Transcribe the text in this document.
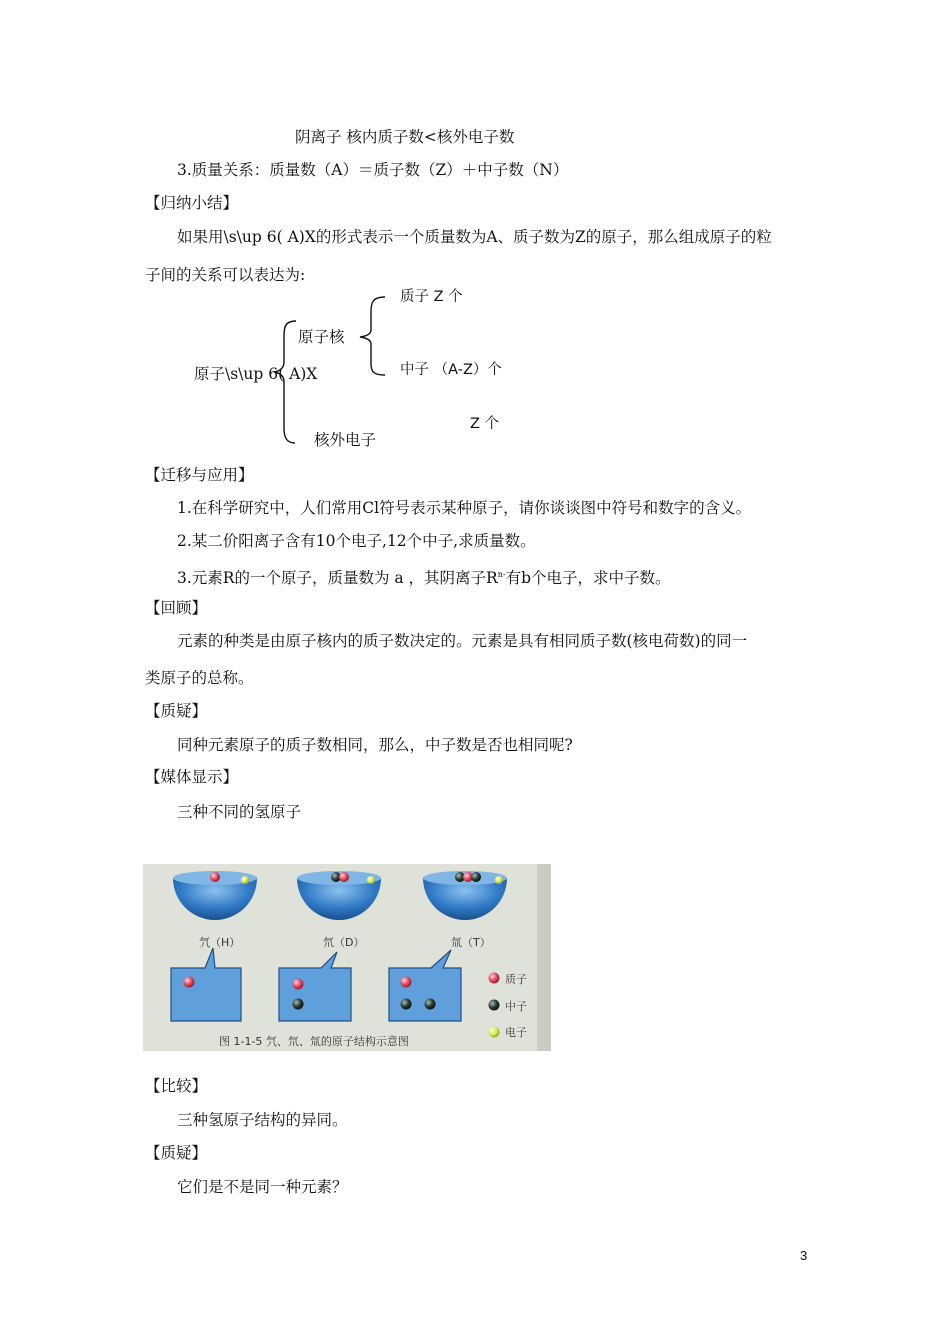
阴离子 核内质子数<核外电子数
3.质量关系：质量数（A）＝质子数（Z）＋中子数（N）
【归纳小结】
如果用\s\up 6( A)X的形式表示一个质量数为A、质子数为Z的原子，那么组成原子的粒
子间的关系可以表达为:
原子\s\up 6( A)X
原子核
质子 Z 个
中子 （A-Z）个
核外电子
Z 个
【迁移与应用】
1.在科学研究中，人们常用Cl符号表示某种原子，请你谈谈图中符号和数字的含义。
2.某二价阳离子含有10个电子,12个中子,求质量数。
3.元素R的一个原子，质量数为 a ，其阴离子$R^{n-}$有b个电子，求中子数。
【回顾】
元素的种类是由原子核内的质子数决定的。元素是具有相同质子数(核电荷数)的同一
类原子的总称。
【质疑】
同种元素原子的质子数相同，那么，中子数是否也相同呢?
【媒体显示】
三种不同的氢原子
氕（H）	氘（D）	氚（T）
质子
中子
电子
图 1-1-5 氕、氘、氚的原子结构示意图
【比较】
三种氢原子结构的异同。
【质疑】
它们是不是同一种元素？
3
